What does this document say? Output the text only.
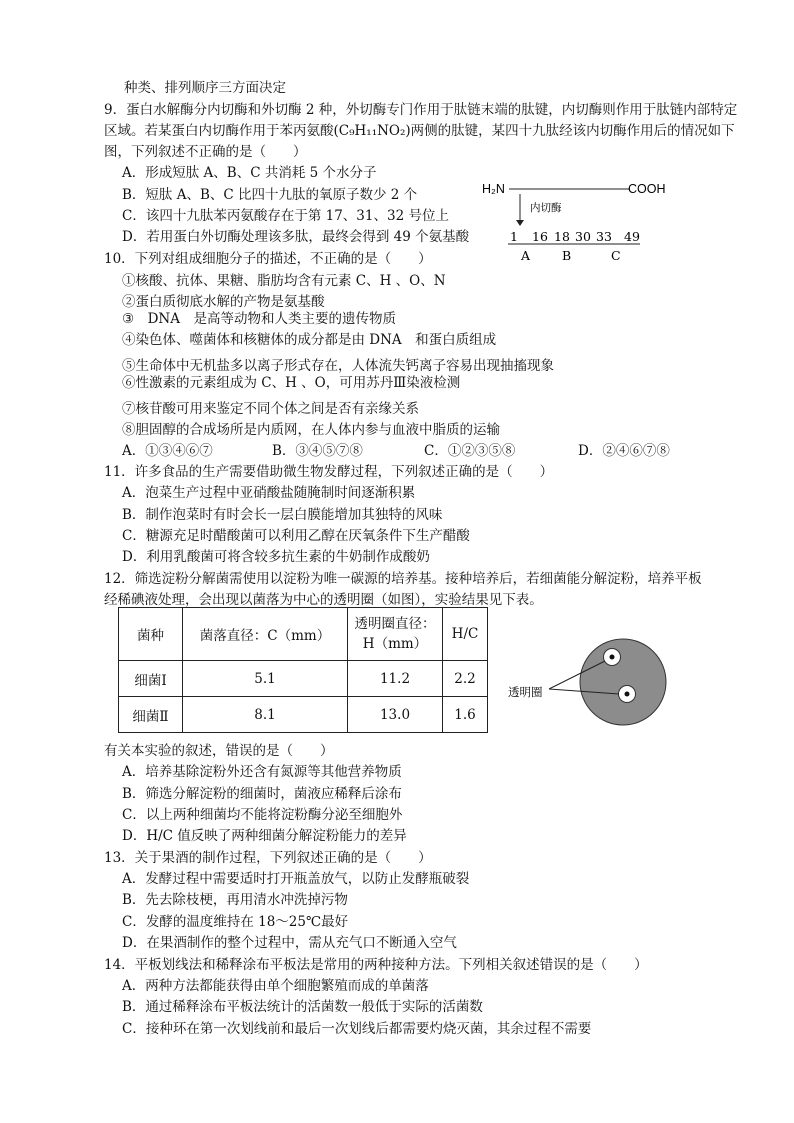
种类、排列顺序三方面决定
9．蛋白水解酶分内切酶和外切酶 2 种，外切酶专门作用于肽链末端的肽键，内切酶则作用于肽链内部特定
区域。若某蛋白内切酶作用于苯丙氨酸(C₉H₁₁NO₂)两侧的肽键，某四十九肽经该内切酶作用后的情况如下
图，下列叙述不正确的是（　　）
A．形成短肽 A、B、C 共消耗 5 个水分子
B．短肽 A、B、C 比四十九肽的氧原子数少 2 个
C．该四十九肽苯丙氨酸存在于第 17、31、32 号位上
D．若用蛋白外切酶处理该多肽，最终会得到 49 个氨基酸
H₂N	COOH
内切酶
1 16 18 30 33 49
A	B	C
10．下列对组成细胞分子的描述，不正确的是（　　）
①核酸、抗体、果糖、脂肪均含有元素 C、H 、O、N
②蛋白质彻底水解的产物是氨基酸
③　DNA　是高等动物和人类主要的遗传物质
④染色体、噬菌体和核糖体的成分都是由 DNA　和蛋白质组成
⑤生命体中无机盐多以离子形式存在，人体流失钙离子容易出现抽搐现象
⑥性激素的元素组成为 C、H 、O，可用苏丹Ⅲ染液检测
⑦核苷酸可用来鉴定不同个体之间是否有亲缘关系
⑧胆固醇的合成场所是内质网，在人体内参与血液中脂质的运输
A．①③④⑥⑦	B．③④⑤⑦⑧	C．①②③⑤⑧	D．②④⑥⑦⑧
11．许多食品的生产需要借助微生物发酵过程，下列叙述正确的是（　　）
A．泡菜生产过程中亚硝酸盐随腌制时间逐渐积累
B．制作泡菜时有时会长一层白膜能增加其独特的风味
C．糖源充足时醋酸菌可以利用乙醇在厌氧条件下生产醋酸
D．利用乳酸菌可将含较多抗生素的牛奶制作成酸奶
12．筛选淀粉分解菌需使用以淀粉为唯一碳源的培养基。接种培养后，若细菌能分解淀粉，培养平板
经稀碘液处理，会出现以菌落为中心的透明圈（如图），实验结果见下表。
菌种	菌落直径：C（mm）	透明圈直径：
H（mm）	H/C
细菌Ⅰ	5.1	11.2	2.2
细菌Ⅱ	8.1	13.0	1.6
透明圈
有关本实验的叙述，错误的是（　　）
A．培养基除淀粉外还含有氮源等其他营养物质
B．筛选分解淀粉的细菌时，菌液应稀释后涂布
C．以上两种细菌均不能将淀粉酶分泌至细胞外
D．H/C 值反映了两种细菌分解淀粉能力的差异
13．关于果酒的制作过程，下列叙述正确的是（　　）
A．发酵过程中需要适时打开瓶盖放气，以防止发酵瓶破裂
B．先去除枝梗，再用清水冲洗掉污物
C．发酵的温度维持在 18～25℃最好
D．在果酒制作的整个过程中，需从充气口不断通入空气
14．平板划线法和稀释涂布平板法是常用的两种接种方法。下列相关叙述错误的是（　　）
A．两种方法都能获得由单个细胞繁殖而成的单菌落
B．通过稀释涂布平板法统计的活菌数一般低于实际的活菌数
C．接种环在第一次划线前和最后一次划线后都需要灼烧灭菌，其余过程不需要
